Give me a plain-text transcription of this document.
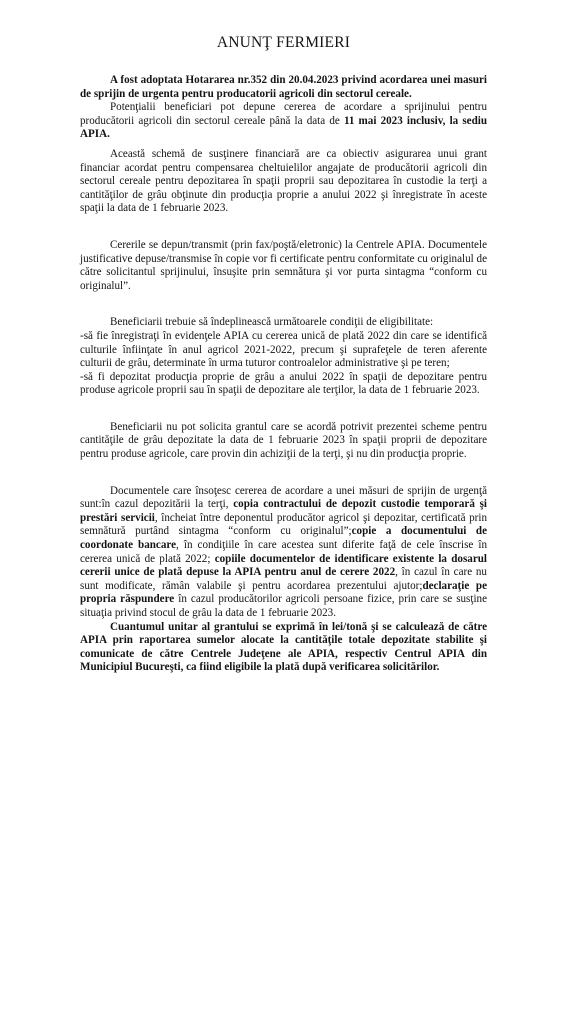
ANUNŢ FERMIERI

A fost adoptata Hotararea nr.352 din 20.04.2023 privind acordarea unei masuri de sprijin de urgenta pentru producatorii agricoli din sectorul cereale.

Potenţialii beneficiari pot depune cererea de acordare a sprijinului pentru producătorii agricoli din sectorul cereale până la data de 11 mai 2023 inclusiv, la sediu APIA.

Această schemă de susţinere financiară are ca obiectiv asigurarea unui grant financiar acordat pentru compensarea cheltuielilor angajate de producătorii agricoli din sectorul cereale pentru depozitarea în spaţii proprii sau depozitarea în custodie la terţi a cantităţilor de grâu obţinute din producţia proprie a anului 2022 şi înregistrate în aceste spaţii la data de 1 februarie 2023.

Cererile se depun/transmit (prin fax/poştă/eletronic) la Centrele APIA. Documentele justificative depuse/transmise în copie vor fi certificate pentru conformitate cu originalul de către solicitantul sprijinului, însuşite prin semnătura şi vor purta sintagma “conform cu originalul”.

Beneficiarii trebuie să îndeplinească următoarele condiţii de eligibilitate:

-să fie înregistraţi în evidenţele APIA cu cererea unică de plată 2022 din care se identifică culturile înfiinţate în anul agricol 2021-2022, precum şi suprafeţele de teren aferente culturii de grâu, determinate în urma tuturor controalelor administrative şi pe teren;

-să fi depozitat producţia proprie de grâu a anului 2022 în spaţii de depozitare pentru produse agricole proprii sau în spaţii de depozitare ale terţilor, la data de 1 februarie 2023.

Beneficiarii nu pot solicita grantul care se acordă potrivit prezentei scheme pentru cantităţile de grâu depozitate la data de 1 februarie 2023 în spaţii proprii de depozitare pentru produse agricole, care provin din achiziţii de la terţi, şi nu din producţia proprie.

Documentele care însoţesc cererea de acordare a unei măsuri de sprijin de urgenţă sunt:în cazul depozitării la terţi, copia contractului de depozit custodie temporară şi prestări servicii, încheiat între deponentul producător agricol şi depozitar, certificată prin semnătură purtând sintagma “conform cu originalul”;copie a documentului de coordonate bancare, în condiţiile în care acestea sunt diferite faţă de cele înscrise în cererea unică de plată 2022; copiile documentelor de identificare existente la dosarul cererii unice de plată depuse la APIA pentru anul de cerere 2022, în cazul în care nu sunt modificate, rămân valabile şi pentru acordarea prezentului ajutor;declaraţie pe propria răspundere în cazul producătorilor agricoli persoane fizice, prin care se susţine situaţia privind stocul de grâu la data de 1 februarie 2023.

Cuantumul unitar al grantului se exprimă în lei/tonă şi se calculează de către APIA prin raportarea sumelor alocate la cantităţile totale depozitate stabilite şi comunicate de către Centrele Judeţene ale APIA, respectiv Centrul APIA din Municipiul Bucureşti, ca fiind eligibile la plată după verificarea solicitărilor.
